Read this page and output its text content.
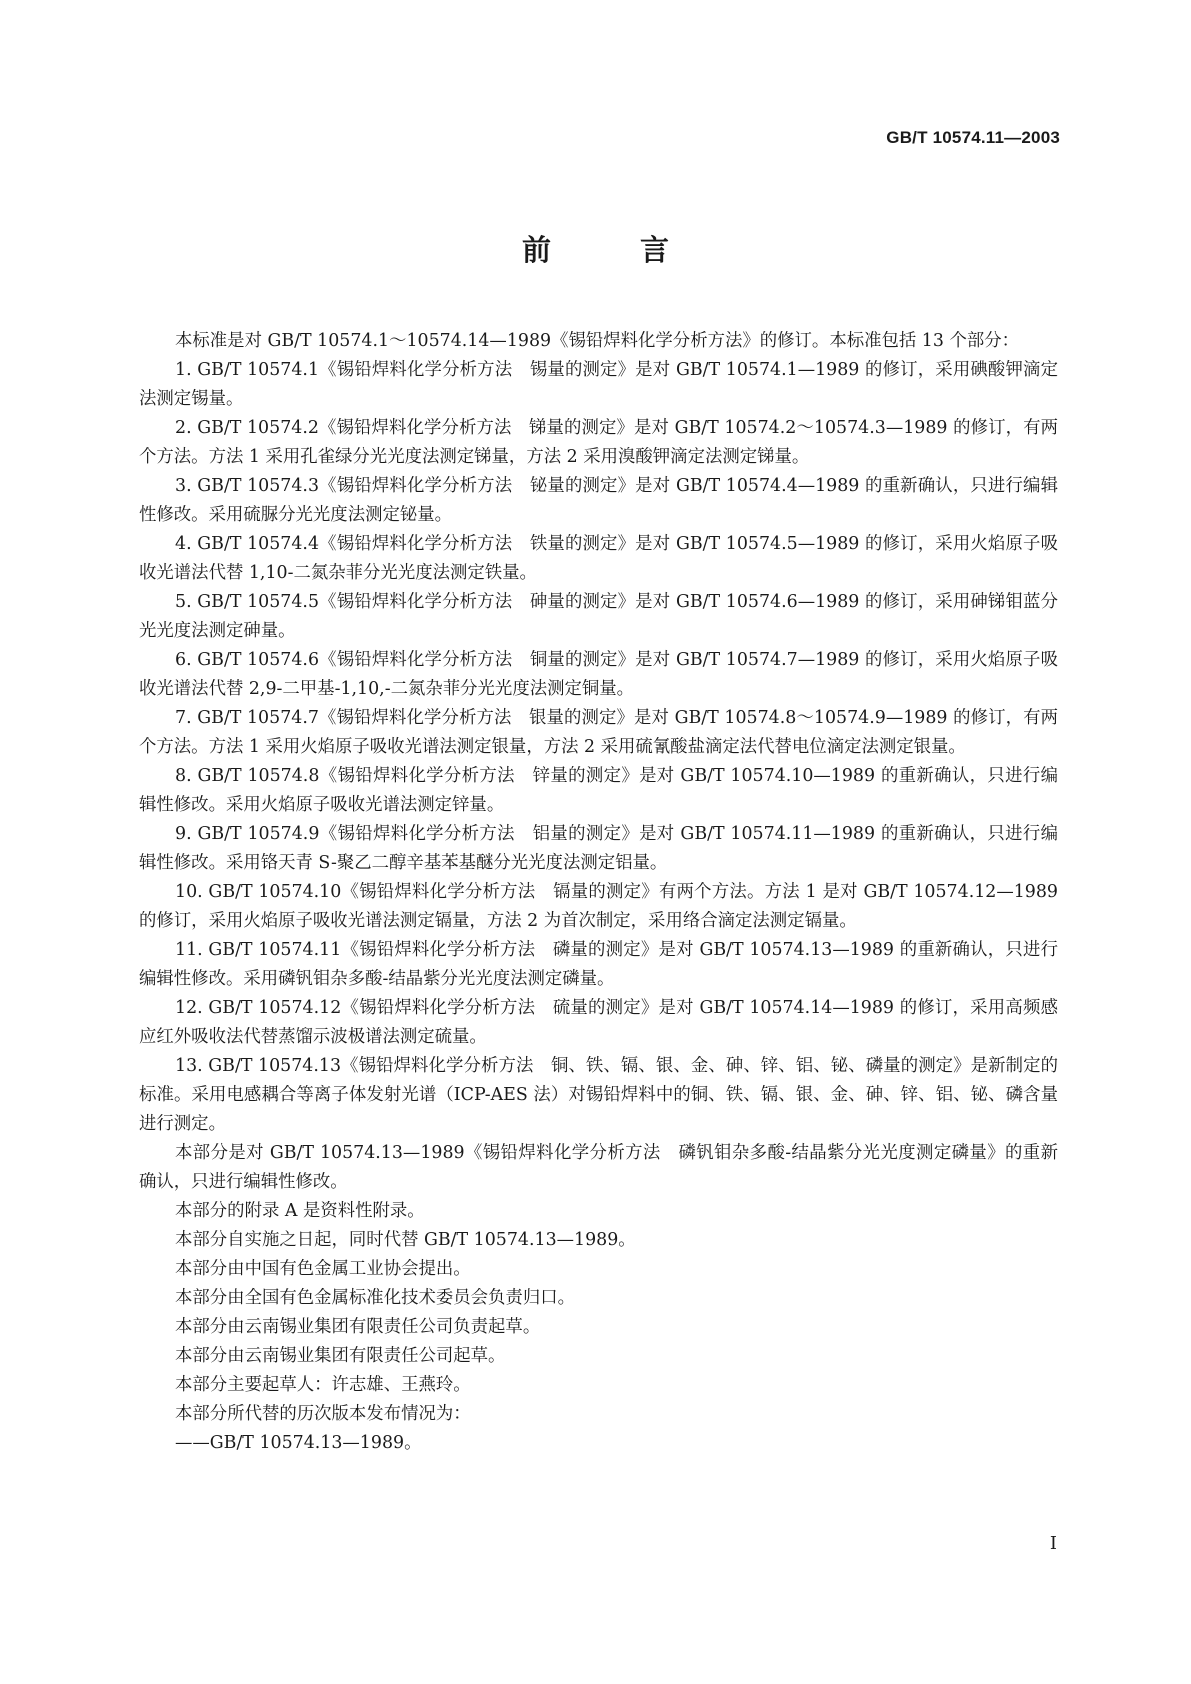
GB/T 10574.11—2003
前　言

本标准是对 GB/T 10574.1～10574.14—1989《锡铅焊料化学分析方法》的修订。本标准包括 13 个部分：

1. GB/T 10574.1《锡铅焊料化学分析方法　锡量的测定》是对 GB/T 10574.1—1989 的修订，采用碘酸钾滴定法测定锡量。

2. GB/T 10574.2《锡铅焊料化学分析方法　锑量的测定》是对 GB/T 10574.2～10574.3—1989 的修订，有两个方法。方法 1 采用孔雀绿分光光度法测定锑量，方法 2 采用溴酸钾滴定法测定锑量。

3. GB/T 10574.3《锡铅焊料化学分析方法　铋量的测定》是对 GB/T 10574.4—1989 的重新确认，只进行编辑性修改。采用硫脲分光光度法测定铋量。

4. GB/T 10574.4《锡铅焊料化学分析方法　铁量的测定》是对 GB/T 10574.5—1989 的修订，采用火焰原子吸收光谱法代替 1,10-二氮杂菲分光光度法测定铁量。

5. GB/T 10574.5《锡铅焊料化学分析方法　砷量的测定》是对 GB/T 10574.6—1989 的修订，采用砷锑钼蓝分光光度法测定砷量。

6. GB/T 10574.6《锡铅焊料化学分析方法　铜量的测定》是对 GB/T 10574.7—1989 的修订，采用火焰原子吸收光谱法代替 2,9-二甲基-1,10,-二氮杂菲分光光度法测定铜量。

7. GB/T 10574.7《锡铅焊料化学分析方法　银量的测定》是对 GB/T 10574.8～10574.9—1989 的修订，有两个方法。方法 1 采用火焰原子吸收光谱法测定银量，方法 2 采用硫氰酸盐滴定法代替电位滴定法测定银量。

8. GB/T 10574.8《锡铅焊料化学分析方法　锌量的测定》是对 GB/T 10574.10—1989 的重新确认，只进行编辑性修改。采用火焰原子吸收光谱法测定锌量。

9. GB/T 10574.9《锡铅焊料化学分析方法　铝量的测定》是对 GB/T 10574.11—1989 的重新确认，只进行编辑性修改。采用铬天青 S-聚乙二醇辛基苯基醚分光光度法测定铝量。

10. GB/T 10574.10《锡铅焊料化学分析方法　镉量的测定》有两个方法。方法 1 是对 GB/T 10574.12—1989的修订，采用火焰原子吸收光谱法测定镉量，方法 2 为首次制定，采用络合滴定法测定镉量。

11. GB/T 10574.11《锡铅焊料化学分析方法　磷量的测定》是对 GB/T 10574.13—1989 的重新确认，只进行编辑性修改。采用磷钒钼杂多酸-结晶紫分光光度法测定磷量。

12. GB/T 10574.12《锡铅焊料化学分析方法　硫量的测定》是对 GB/T 10574.14—1989 的修订，采用高频感应红外吸收法代替蒸馏示波极谱法测定硫量。

13. GB/T 10574.13《锡铅焊料化学分析方法　铜、铁、镉、银、金、砷、锌、铝、铋、磷量的测定》是新制定的标准。采用电感耦合等离子体发射光谱（ICP-AES 法）对锡铅焊料中的铜、铁、镉、银、金、砷、锌、铝、铋、磷含量进行测定。

本部分是对 GB/T 10574.13—1989《锡铅焊料化学分析方法　磷钒钼杂多酸-结晶紫分光光度测定磷量》的重新确认，只进行编辑性修改。

本部分的附录 A 是资料性附录。

本部分自实施之日起，同时代替 GB/T 10574.13—1989。

本部分由中国有色金属工业协会提出。

本部分由全国有色金属标准化技术委员会负责归口。

本部分由云南锡业集团有限责任公司负责起草。

本部分由云南锡业集团有限责任公司起草。

本部分主要起草人：许志雄、王燕玲。

本部分所代替的历次版本发布情况为：

——GB/T 10574.13—1989。

I
